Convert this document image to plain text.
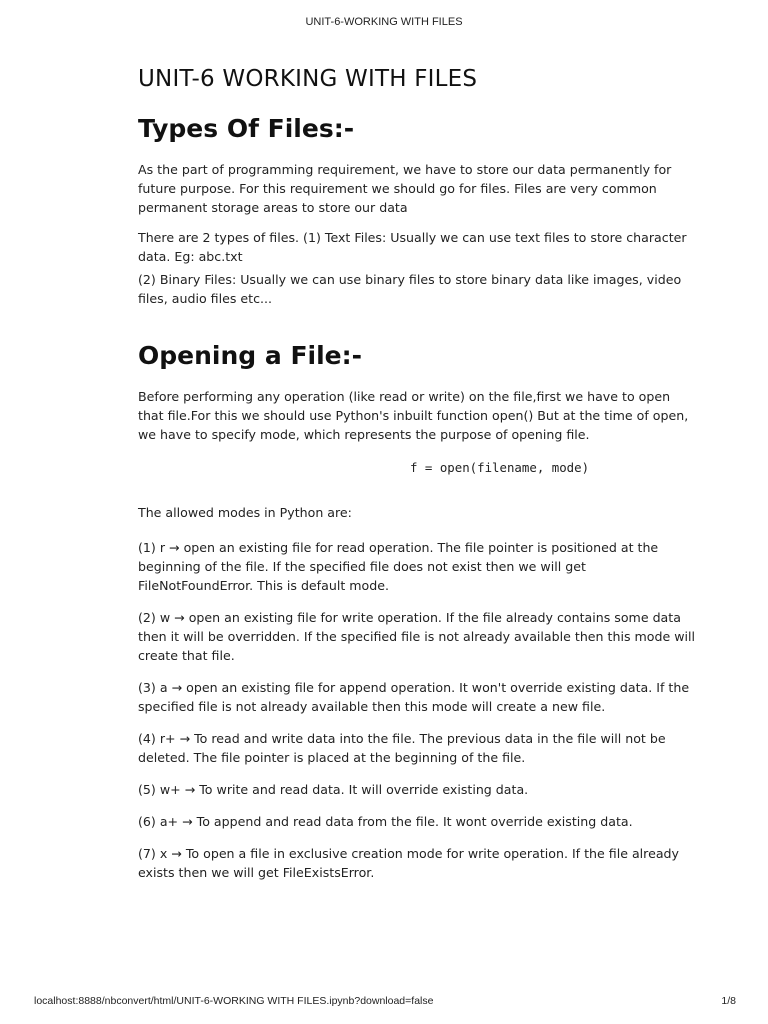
UNIT-6-WORKING WITH FILES
UNIT-6 WORKING WITH FILES
Types Of Files:-

As the part of programming requirement, we have to store our data permanently for future purpose. For this requirement we should go for files. Files are very common permanent storage areas to store our data

There are 2 types of files. (1) Text Files: Usually we can use text files to store character data. Eg: abc.txt

(2) Binary Files: Usually we can use binary files to store binary data like images, video files, audio files etc...

Opening a File:-

Before performing any operation (like read or write) on the file,first we have to open that file.For this we should use Python's inbuilt function open() But at the time of open, we have to specify mode, which represents the purpose of opening file.

f = open(filename, mode)

The allowed modes in Python are:

(1) r → open an existing file for read operation. The file pointer is positioned at the beginning of the file. If the specified file does not exist then we will get FileNotFoundError. This is default mode.

(2) w → open an existing file for write operation. If the file already contains some data then it will be overridden. If the specified file is not already available then this mode will create that file.

(3) a → open an existing file for append operation. It won't override existing data. If the specified file is not already available then this mode will create a new file.

(4) r+ → To read and write data into the file. The previous data in the file will not be deleted. The file pointer is placed at the beginning of the file.

(5) w+ → To write and read data. It will override existing data.

(6) a+ → To append and read data from the file. It wont override existing data.

(7) x → To open a file in exclusive creation mode for write operation. If the file already exists then we will get FileExistsError.

localhost:8888/nbconvert/html/UNIT-6-WORKING WITH FILES.ipynb?download=false	1/8
